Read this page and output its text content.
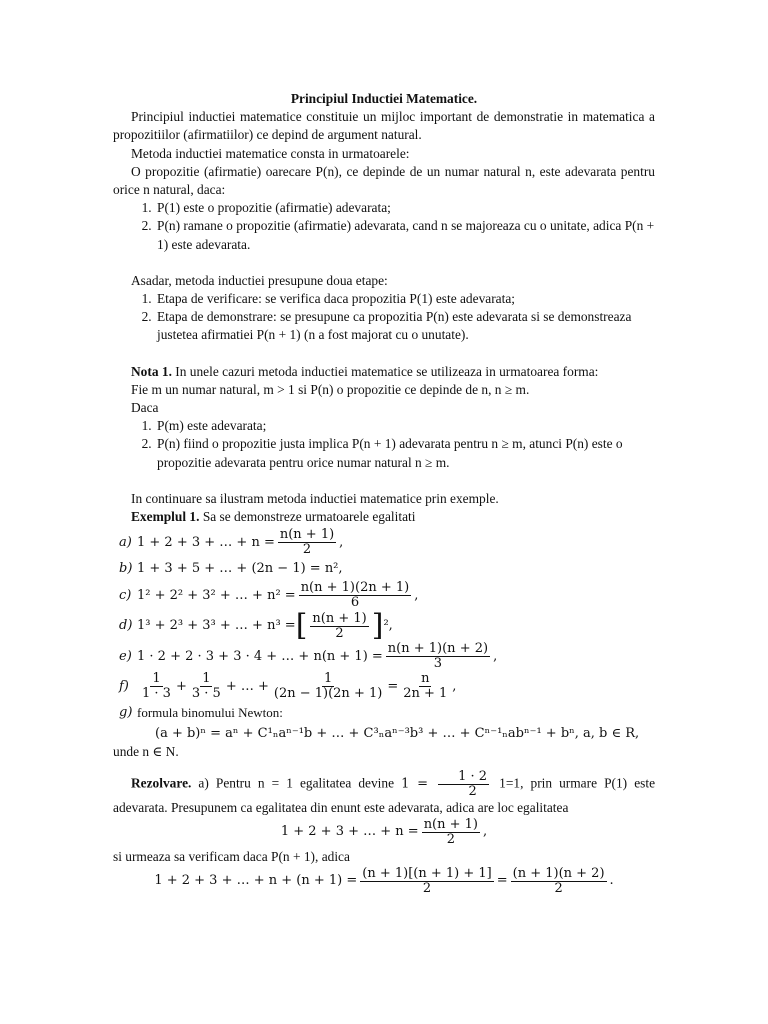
Principiul Inductiei Matematice.

Principiul inductiei matematice constituie un mijloc important de demonstratie in matematica a propozitiilor (afirmatiilor) ce depind de argument natural.

Metoda inductiei matematice consta in urmatoarele:

O propozitie (afirmatie) oarecare P(n), ce depinde de un numar natural n, este adevarata pentru orice n natural, daca:

1. P(1) este o propozitie (afirmatie) adevarata;
2. P(n) ramane o propozitie (afirmatie) adevarata, cand n se majoreaza cu o unitate, adica P(n + 1) este adevarata.

Asadar, metoda inductiei presupune doua etape:

1. Etapa de verificare: se verifica daca propozitia P(1) este adevarata;
2. Etapa de demonstrare: se presupune ca propozitia P(n) este adevarata si se demonstreaza justetea afirmatiei P(n + 1) (n a fost majorat cu o unutate).

Nota 1. In unele cazuri metoda inductiei matematice se utilizeaza in urmatoarea forma:

Fie m un numar natural, m > 1 si P(n) o propozitie ce depinde de n, n ≥ m.

Daca

1. P(m) este adevarata;
2. P(n) fiind o propozitie justa implica P(n + 1) adevarata pentru n ≥ m, atunci P(n) este o propozitie adevarata pentru orice numar natural n ≥ m.

In continuare sa ilustram metoda inductiei matematice prin exemple.

Exemplul 1. Sa se demonstreze urmatoarele egalitati

a) 1 + 2 + 3 + … + $n = \frac{n(n + 1)}{2}$ ,
b) 1 + 3 + 5 + … + (2n − 1) = n²,
c) 1² + 2² + 3² + … + $n^2 = \frac{n(n + 1)(2n + 1)}{6}$ ,
d) 1³ + 2³ + 3³ + … + n³ = [ $\frac{n(n + 1)}{2}$ ] ²,
e) 1 · 2 + 2 · 3 + 3 · 4 + … + $n(n + 1) = \frac{n(n + 1)(n + 2)}{3}$ ,
$f) \frac{1}{1 \cdot 3} + \frac{1}{3 \cdot 5}$ + … + $\frac{1}{(2n - 1)(2n + 1)} = \frac{n}{2n + 1}$ ,
g) formula binomului Newton:
(a + b)ⁿ = aⁿ + C¹ₙaⁿ⁻¹b + … + C³ₙaⁿ⁻³b³ + … + Cⁿ⁻¹ₙabⁿ⁻¹ + bⁿ, a, b ∈ R,

unde n ∈ N.

Rezolvare. a) Pentru n = 1 egalitatea devine $1 = \frac{1 \cdot 2}{2} 1=1$, prin urmare P(1) este adevarata. Presupunem ca egalitatea din enunt este adevarata, adica are loc egalitatea

1 + 2 + 3 + … + $n = \frac{n(n + 1)}{2}$ ,

si urmeaza sa verificam daca P(n + 1), adica

1 + 2 + 3 + … + $n + (n + 1) = \frac{(n + 1)[(n + 1) + 1]}{2} = \frac{(n + 1)(n + 2)}{2}$ .
